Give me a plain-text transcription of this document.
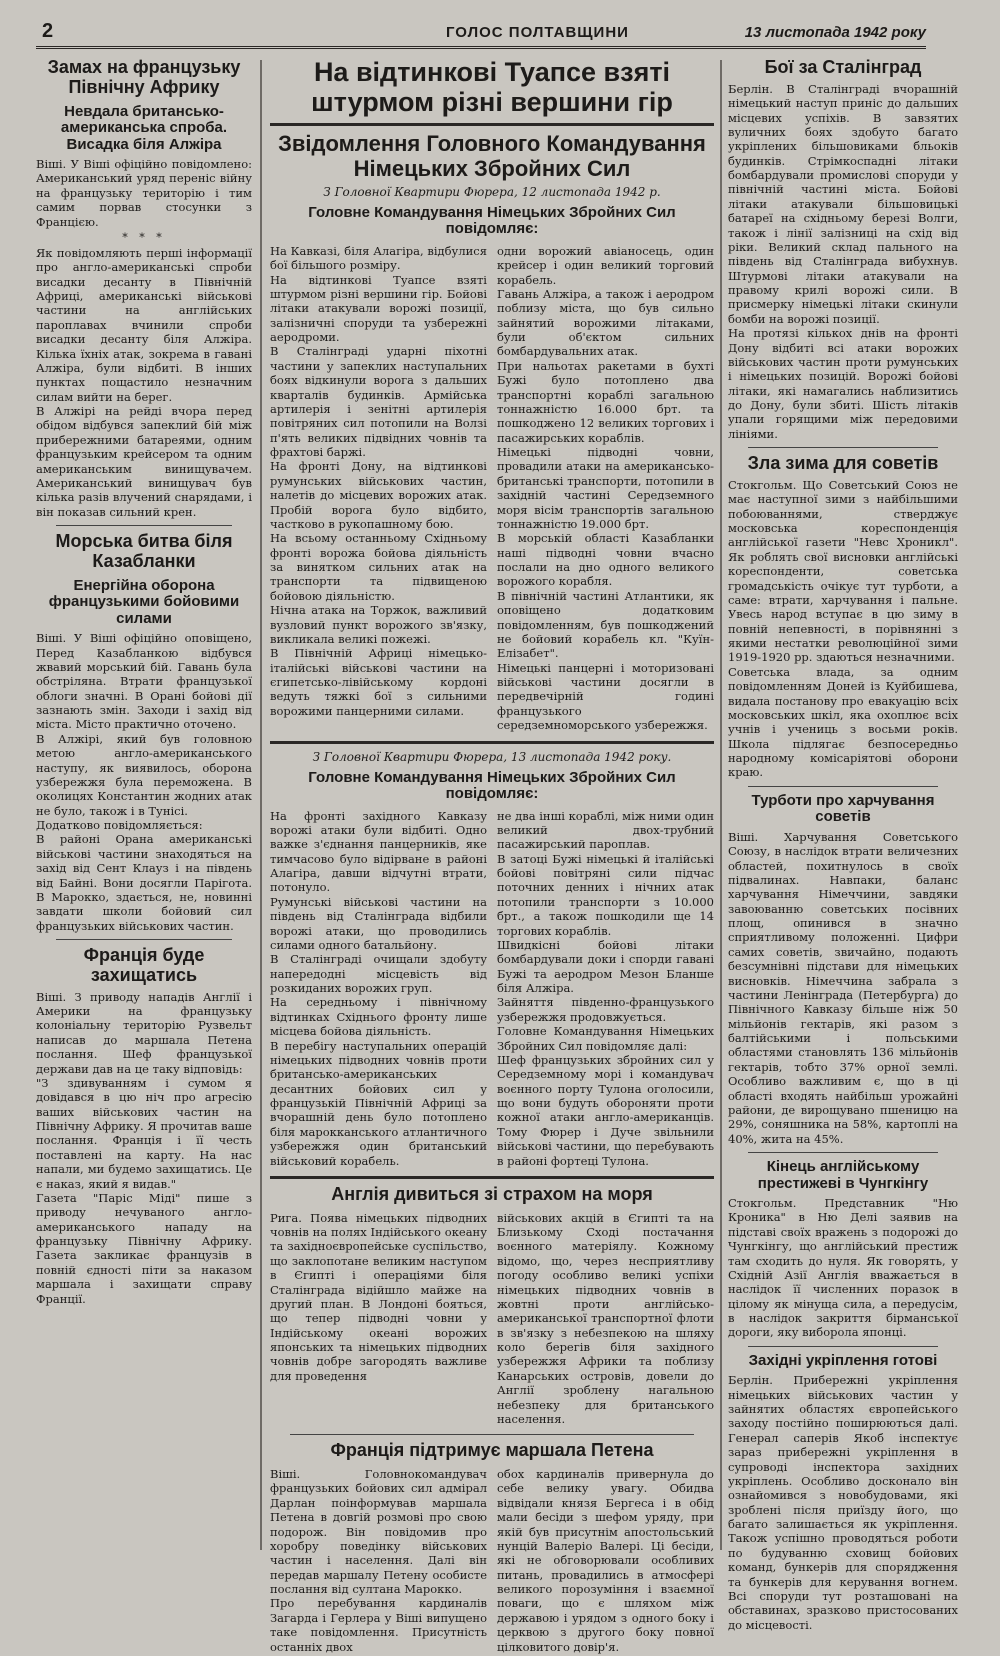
2	ГОЛОС ПОЛТАВЩИНИ	13 листопада 1942 року
Замах на французьку Північну Африку
Невдала британсько-американська спроба. Висадка біля Алжіра
Віші. У Віші офіційно повідомлено: Американський уряд переніс війну на французьку територію і тим самим порвав стосунки з Францією.
* * *
Як повідомляють перші інформації про англо-американські спроби висадки десанту в Північній Африці, американські військові частини на англійських пароплавах вчинили спроби висадки десанту біля Алжіра. Кілька їхніх атак, зокрема в гавані Алжіра, були відбиті. В інших пунктах пощастило незначним силам вийти на берег.
В Алжірі на рейді вчора перед обідом відбувся запеклий бій між прибережними батареями, одним французьким крейсером та одним американським винищувачем. Американський винищувач був кілька разів влучений снарядами, і він показав сильний крен.
Морська битва біля Казабланки
Енергійна оборона французькими бойовими силами
Віші. У Віші офіційно оповіщено, Перед Казабланкою відбувся жвавий морський бій. Гавань була обстріляна. Втрати французької облоги значні. В Орані бойові дії зазнають змін. Заходи і захід від міста. Місто практично оточено.
В Алжірі, який був головною метою англо-американського наступу, як виявилось, оборона узбережжя була переможена. В околицях Константин жодних атак не було, також і в Тунісі.
Додатково повідомляється:
В районі Орана американські військові частини знаходяться на захід від Сент Клауз і на південь від Байні. Вони досягли Парігота. В Марокко, здається, не, новинні завдати школи бойовий сил французьких військових частин.
Франція буде захищатись
Віші. З приводу нападів Англії і Америки на французьку колоніальну територію Рузвельт написав до маршала Петена послання. Шеф французької держави дав на це таку відповідь:
"З здивуванням і сумом я довідався в цю ніч про агресію ваших військових частин на Північну Африку. Я прочитав ваше послання. Франція і її честь поставлені на карту. На нас напали, ми будемо захищатись. Це є наказ, який я видав."
Газета "Паріс Міді" пише з приводу нечуваного англо-американського нападу на французьку Північну Африку. Газета закликає французів в повній єдності піти за наказом маршала і захищати справу Франції.
На відтинкові Туапсе взяті штурмом різні вершини гір
Звідомлення Головного Командування Німецьких Збройних Сил
З Головної Квартири Фюрера, 12 листопада 1942 р.
Головне Командування Німецьких Збройних Сил повідомляє:
На Кавказі, біля Алагіра, відбулися бої більшого розміру.
На відтинкові Туапсе взяті штурмом різні вершини гір. Бойові літаки атакували ворожі позиції, залізничні споруди та узбережні аеродроми.
В Сталінграді ударні піхотні частини у запеклих наступальних боях відкинули ворога з дальших кварталів будинків. Армійська артилерія і зенітні артилерія повітряних сил потопили на Волзі п'ять великих підвідних човнів та фрахтові баржі.
На фронті Дону, на відтинкові румунських військових частин, налетів до місцевих ворожих атак. Пробій ворога було відбито, частково в рукопашному бою.
На всьому останньому Східньому фронті ворожа бойова діяльність за винятком сильних атак на транспорти та підвищеною бойовою діяльністю.
Нічна атака на Торжок, важливий вузловий пункт ворожого зв'язку, викликала великі пожежі.
В Північній Африці німецько-італійські військові частини на єгипетсько-лівійському кордоні ведуть тяжкі бої з сильними ворожими панцерними силами.
одни ворожий авіаносець, один крейсер і один великий торговий корабель.
Гавань Алжіра, а також і аеродром поблизу міста, що був сильно зайнятий ворожими літаками, були об'єктом сильних бомбардувальних атак.
При нальотах ракетами в бухті Бужі було потоплено два транспортні кораблі загальною тоннажністю 16.000 брт. та пошкоджено 12 великих торгових і пасажирських кораблів.
Німецькі підводні човни, провадили атаки на американсько-британські транспорти, потопили в західній частині Середземного моря вісім транспортів загальною тоннажністю 19.000 брт.
В морській області Казабланки наші підводні човни вчасно послали на дно одного великого ворожого корабля.
В північній частині Атлантики, як оповіщено додатковим повідомленням, був пошкоджений не бойовий корабель кл. "Куїн-Елізабет".
Німецькі панцерні і моторизовані військові частини досягли в передвечірній годині французького середземноморського узбережжя.
З Головної Квартири Фюрера, 13 листопада 1942 року.
Головне Командування Німецьких Збройних Сил повідомляє:
На фронті західного Кавказу ворожі атаки були відбиті. Одно важке з'єднання панцерників, яке тимчасово було відірване в районі Алагіра, давши відчутні втрати, потонуло.
Румунські військові частини на південь від Сталінграда відбили ворожі атаки, що проводились силами одного батальйону.
В Сталінграді очищали здобуту напередодні місцевість від розкиданих ворожих груп.
На середньому і північному відтинках Східнього фронту лише місцева бойова діяльність.
В перебігу наступальних операцій німецьких підводних човнів проти британсько-американських десантних бойових сил у французькій Північній Африці за вчорашній день було потоплено біля марокканського атлантичного узбережжя один британський військовий корабель.
не два інші кораблі, між ними один великий двох-трубний пасажирський пароплав.
В затоці Бужі німецькі й італійські бойові повітряні сили підчас поточних денних і нічних атак потопили транспорти з 10.000 брт., а також пошкодили ще 14 торгових кораблів.
Швидкісні бойові літаки бомбардували доки і спорди гавані Бужі та аеродром Мезон Бланше біля Алжіра.
Зайняття південно-французького узбережжя продовжується.
Головне Командування Німецьких Збройних Сил повідомляє далі:
Шеф французьких збройних сил у Середземному морі і командувач воєнного порту Тулона оголосили, що вони будуть обороняти проти кожної атаки англо-американців. Тому Фюрер і Дуче звільнили військові частини, що перебувають в районі фортеці Тулона.
Англія дивиться зі страхом на моря
Рига. Поява німецьких підводних човнів на полях Індійського океану та західноєвропейське суспільство, що заклопотане великим наступом в Єгипті і операціями біля Сталінграда відійшло майже на другий план. В Лондоні бояться, що тепер підводні човни у Індійському океані ворожих японських та німецьких підводних човнів добре загородять важливе для проведення
військових акцій в Єгипті та на Близькому Сході постачання воєнного матеріялу. Кожному відомо, що, через несприятливу погоду особливо великі успіхи німецьких підводних човнів в жовтні проти англійсько-американської транспортної флоти в зв'язку з небезпекою на шляху коло берегів біля західного узбережжя Африки та поблизу Канарських островів, довели до Англії зроблену нагальною небезпеку для британського населення.
Франція підтримує маршала Петена
Віші. Головнокомандувач французьких бойових сил адмірал Дарлан поінформував маршала Петена в довгій розмові про свою подорож. Він повідомив про хоробру поведінку військових частин і населення. Далі він передав маршалу Петену особисте послання від султана Марокко.
Про перебування кардиналів Загарда і Герлера у Віші випущено таке повідомлення. Присутність останніх двох
обох кардиналів привернула до себе велику увагу. Обидва відвідали князя Бергеса і в обід мали бесіди з шефом уряду, при якій був присутнім апостольський нунцій Валеріо Валері. Ці бесіди, які не обговорювали особливих питань, провадились в атмосфері великого порозуміння і взаємної поваги, що є шляхом між державою і урядом з одного боку і церквою з другого боку повної цілковитого довір'я.
Бої за Сталінград
Берлін. В Сталінграді вчорашній німецький наступ приніс до дальших місцевих успіхів. В завзятих вуличних боях здобуто багато укріплених більшовиками бльоків будинків. Стрімкоспадні літаки бомбардували промислові споруди у північній частині міста. Бойові літаки атакували більшовицькі батареї на східньому березі Волги, також і лінії залізниці на схід від ріки. Великий склад пального на південь від Сталінграда вибухнув. Штурмові літаки атакували на правому крилі ворожі сили. В присмерку німецькі літаки скинули бомби на ворожі позиції.
На протязі кількох днів на фронті Дону відбиті всі атаки ворожих військових частин проти румунських і німецьких позицій. Ворожі бойові літаки, які намагались наблизитись до Дону, були збиті. Шість літаків упали горящими між передовими лініями.
Зла зима для советів
Стокгольм. Що Советський Союз не має наступної зими з найбільшими побоюваннями, стверджує московська кореспонденція англійської газети "Невс Хроникл". Як роблять свої висновки англійські кореспонденти, советська громадськість очікує тут турботи, а саме: втрати, харчування і пальне. Увесь народ вступає в цю зиму в повній непевності, в порівнянні з якими нестатки революційної зими 1919-1920 рр. здаються незначними.
Советська влада, за одним повідомленням Доней із Куйбишева, видала постанову про евакуацію всіх московських шкіл, яка охоплює всіх учнів і учениць з восьми років. Школа підлягає безпосередньо народному комісаріятові оборони краю.
Турботи про харчування советів
Віші. Харчування Советського Союзу, в наслідок втрати величезних областей, похитнулось в своїх підвалинах. Навпаки, баланс харчування Німеччини, завдяки завоюванню советських посівних площ, опинився в значно сприятливому положенні. Цифри самих советів, звичайно, подають безсумнівні підстави для німецьких висновків. Німеччина забрала з частини Ленінграда (Петербурга) до Північного Кавказу більше ніж 50 мільйонів гектарів, які разом з балтійськими і польськими областями становлять 136 мільйонів гектарів, тобто 37% орної землі. Особливо важливим є, що в ці області входять найбільш урожайні райони, де вирощувано пшеницю на 29%, соняшника на 58%, картоплі на 40%, жита на 45%.
Кінець англійському престижеві в Чунгкінгу
Стокгольм. Представник "Ню Кроника" в Ню Делі заявив на підставі своїх вражень з подорожі до Чунгкінгу, що англійський престиж там сходить до нуля. Як говорять, у Східній Азії Англія вважається в наслідок її численних поразок в цілому як мінуща сила, а передусім, в наслідок закриття бірманської дороги, яку виборола японці.
Західні укріплення готові
Берлін. Прибережні укріплення німецьких військових частин у зайнятих областях європейського заходу постійно поширюються далі. Генерал саперів Якоб інспектує зараз прибережні укріплення в супроводі інспектора західних укріплень. Особливо досконало він ознайомився з новобудовами, які зроблені після приїзду його, що багато залишається як укріплення. Також успішно проводяться роботи по будуванню сховищ бойових команд, бункерів для спорядження та бункерів для керування вогнем. Всі споруди тут розташовані на обставинах, зразково пристосованих до місцевості.
